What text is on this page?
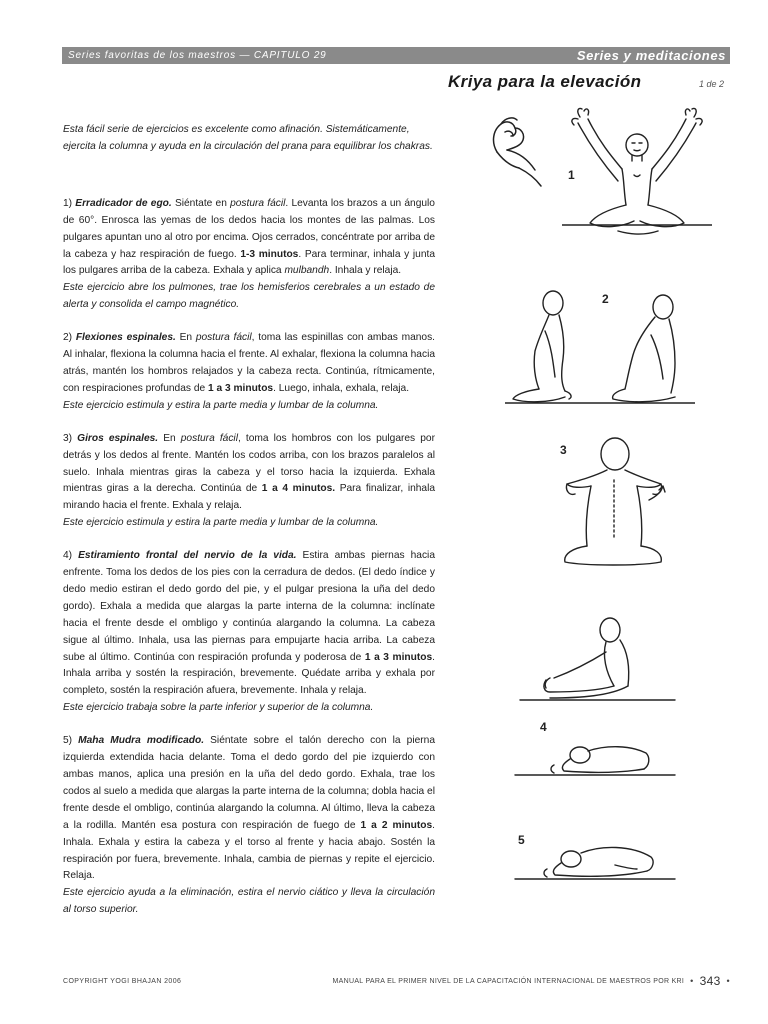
Series favoritas de los maestros — CAPITULO 29	Series y meditaciones
Kriya para la elevación	1 de 2

Esta fácil serie de ejercicios es excelente como afinación. Sistemáticamente, ejercita la columna y ayuda en la circulación del prana para equilibrar los chakras.

1) Erradicador de ego. Siéntate en postura fácil. Levanta los brazos a un ángulo de 60°. Enrosca las yemas de los dedos hacia los montes de las palmas. Los pulgares apuntan uno al otro por encima. Ojos cerrados, concéntrate por arriba de la cabeza y haz respiración de fuego. 1-3 minutos. Para terminar, inhala y junta los pulgares arriba de la cabeza. Exhala y aplica mulbandh. Inhala y relaja.
Este ejercicio abre los pulmones, trae los hemisferios cerebrales a un estado de alerta y consolida el campo magnético.

2) Flexiones espinales. En postura fácil, toma las espinillas con ambas manos. Al inhalar, flexiona la columna hacia el frente. Al exhalar, flexiona la columna hacia atrás, mantén los hombros relajados y la cabeza recta. Continúa, rítmicamente, con respiraciones profundas de 1 a 3 minutos. Luego, inhala, exhala, relaja.
Este ejercicio estimula y estira la parte media y lumbar de la columna.

3) Giros espinales. En postura fácil, toma los hombros con los pulgares por detrás y los dedos al frente. Mantén los codos arriba, con los brazos paralelos al suelo. Inhala mientras giras la cabeza y el torso hacia la izquierda. Exhala mientras giras a la derecha. Continúa de 1 a 4 minutos. Para finalizar, inhala mirando hacia el frente. Exhala y relaja.
Este ejercicio estimula y estira la parte media y lumbar de la columna.

4) Estiramiento frontal del nervio de la vida. Estira ambas piernas hacia enfrente. Toma los dedos de los pies con la cerradura de dedos. (El dedo índice y dedo medio estiran el dedo gordo del pie, y el pulgar presiona la uña del dedo gordo). Exhala a medida que alargas la parte interna de la columna: inclínate hacia el frente desde el ombligo y continúa alargando la columna. La cabeza sigue al último. Inhala, usa las piernas para empujarte hacia arriba. La cabeza sube al último. Continúa con respiración profunda y poderosa de 1 a 3 minutos. Inhala arriba y sostén la respiración, brevemente. Quédate arriba y exhala por completo, sostén la respiración afuera, brevemente. Inhala y relaja.
Este ejercicio trabaja sobre la parte inferior y superior de la columna.

5) Maha Mudra modificado. Siéntate sobre el talón derecho con la pierna izquierda extendida hacia delante. Toma el dedo gordo del pie izquierdo con ambas manos, aplica una presión en la uña del dedo gordo. Exhala, trae los codos al suelo a medida que alargas la parte interna de la columna; dobla hacia el frente desde el ombligo, continúa alargando la columna. Al último, lleva la cabeza a la rodilla. Mantén esa postura con respiración de fuego de 1 a 2 minutos. Inhala. Exhala y estira la cabeza y el torso al frente y hacia abajo. Sostén la respiración por fuera, brevemente. Inhala, cambia de piernas y repite el ejercicio. Relaja.
Este ejercicio ayuda a la eliminación, estira el nervio ciático y lleva la circulación al torso superior.

1
2
3
4
5
COPYRIGHT YOGI BHAJAN 2006	MANUAL PARA EL PRIMER NIVEL DE LA CAPACITACIÓN INTERNACIONAL DE MAESTROS POR KRI • 343 •
